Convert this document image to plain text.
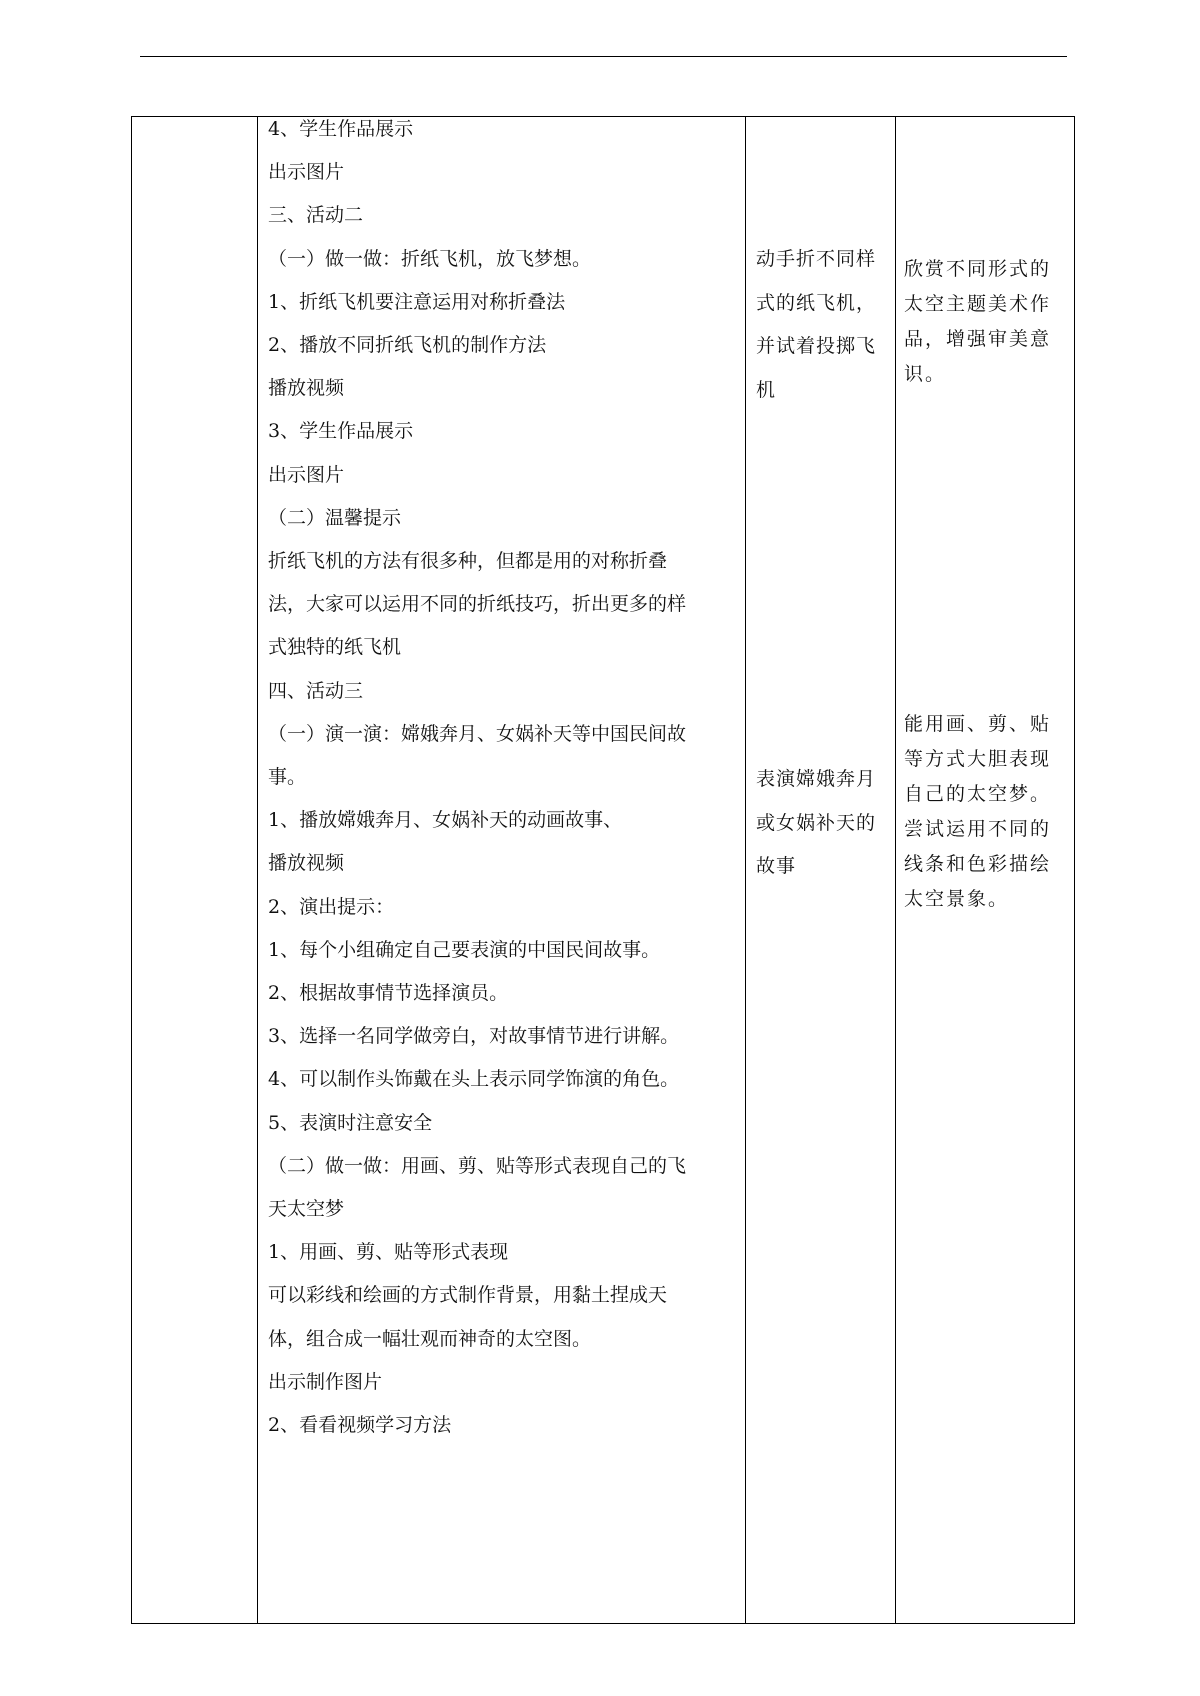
4、学生作品展示
出示图片
三、活动二
（一）做一做：折纸飞机，放飞梦想。
1、折纸飞机要注意运用对称折叠法
2、播放不同折纸飞机的制作方法
播放视频
3、学生作品展示
出示图片
（二）温馨提示
折纸飞机的方法有很多种，但都是用的对称折叠
法，大家可以运用不同的折纸技巧，折出更多的样
式独特的纸飞机
四、活动三
（一）演一演：嫦娥奔月、女娲补天等中国民间故
事。
1、播放嫦娥奔月、女娲补天的动画故事、
播放视频
2、演出提示：
1、每个小组确定自己要表演的中国民间故事。
2、根据故事情节选择演员。
3、选择一名同学做旁白，对故事情节进行讲解。
4、可以制作头饰戴在头上表示同学饰演的角色。
5、表演时注意安全
（二）做一做：用画、剪、贴等形式表现自己的飞
天太空梦
1、用画、剪、贴等形式表现
可以彩线和绘画的方式制作背景，用黏土捏成天
体，组合成一幅壮观而神奇的太空图。
出示制作图片
2、看看视频学习方法
动手折不同样
式的纸飞机，
并试着投掷飞
机
表演嫦娥奔月
或女娲补天的
故事
欣赏不同形式的
太空主题美术作
品，增强审美意
识。
能用画、剪、贴
等方式大胆表现
自己的太空梦。
尝试运用不同的
线条和色彩描绘
太空景象。
